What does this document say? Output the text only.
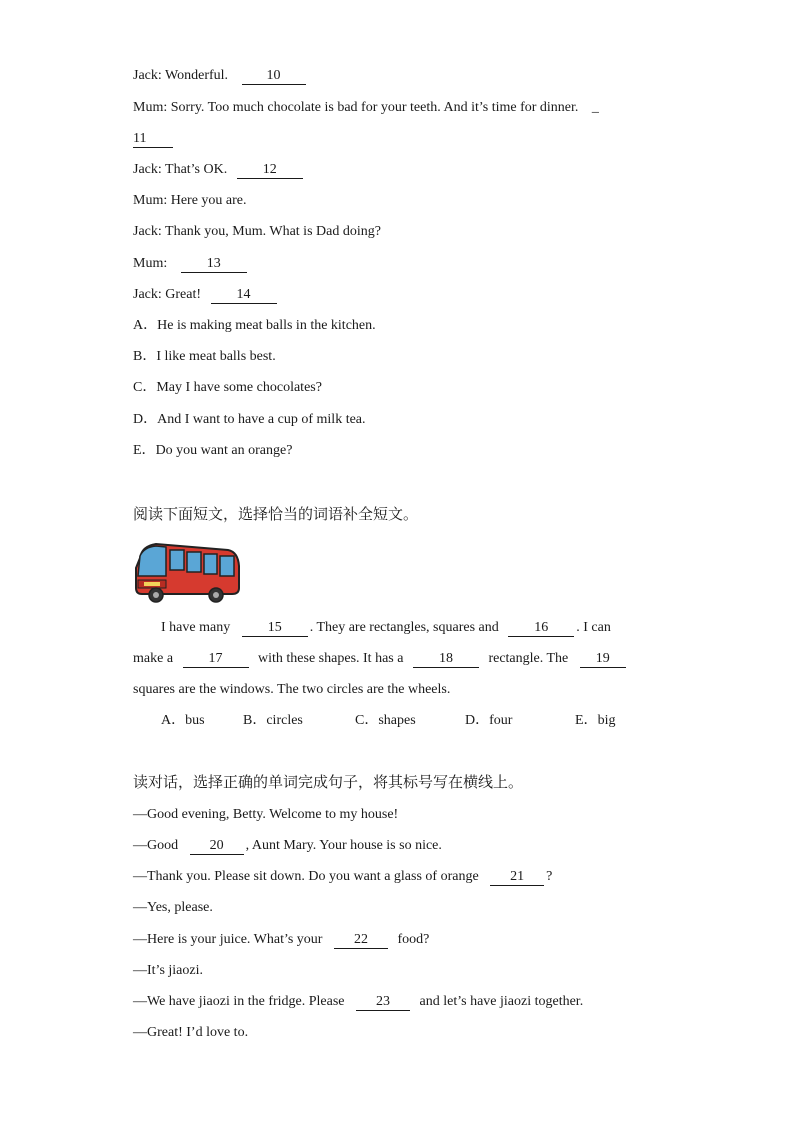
Jack: Wonderful.	10
Mum: Sorry. Too much chocolate is bad for your teeth. And it’s time for dinner. _
11
Jack: That’s OK.	12
Mum: Here you are.
Jack: Thank you, Mum. What is Dad doing?
Mum:	13
Jack: Great!	14
A．He is making meat balls in the kitchen.
B．I like meat balls best.
C．May I have some chocolates?
D．And I want to have a cup of milk tea.
E．Do you want an orange?
阅读下面短文，选择恰当的词语补全短文。
I have many	15 . They are rectangles, squares and	16 . I can
make a	17	with these shapes. It has a	18	rectangle. The 19
squares are the windows. The two circles are the wheels.
A．bus	B．circles	C．shapes	D．four	E．big
读对话，选择正确的单词完成句子，将其标号写在横线上。
—Good evening, Betty. Welcome to my house!
—Good 20 , Aunt Mary. Your house is so nice.
—Thank you. Please sit down. Do you want a glass of orange 21 ?
—Yes, please.
—Here is your juice. What’s your 22 food?
—It’s jiaozi.
—We have jiaozi in the fridge. Please 23 and let’s have jiaozi together.
—Great! I’d love to.
